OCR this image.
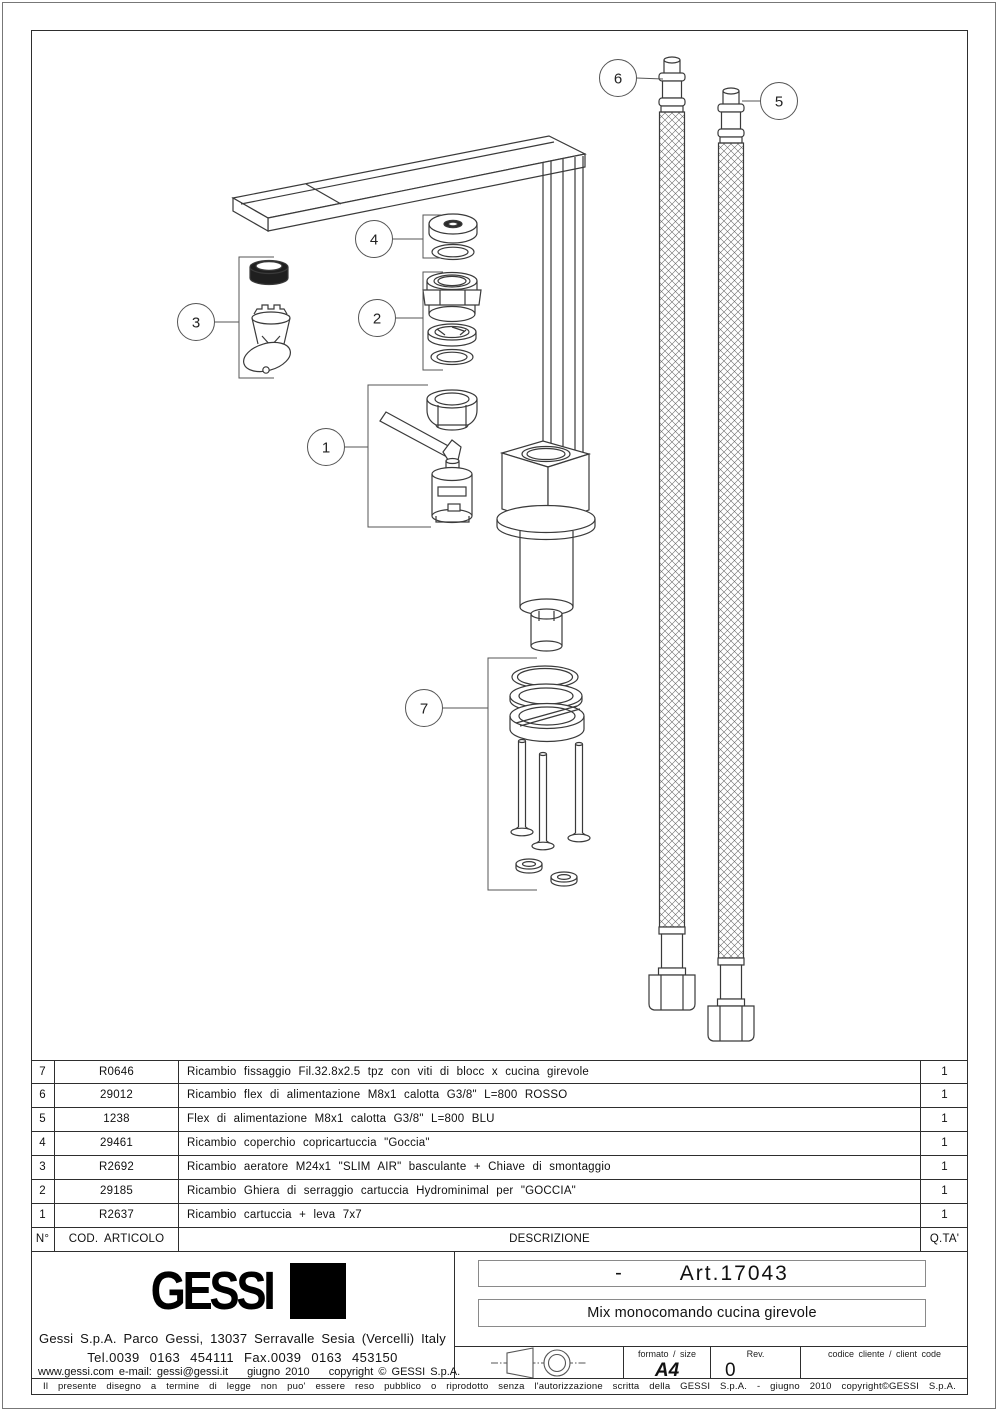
6
5
4
2
3
1
7
7	R0646	Ricambio fissaggio Fil.32.8x2.5 tpz con viti di blocc x cucina girevole	1
6	29012	Ricambio flex di alimentazione M8x1 calotta G3/8" L=800 ROSSO	1
5	1238	Flex di alimentazione M8x1 calotta G3/8" L=800 BLU	1
4	29461	Ricambio coperchio copricartuccia "Goccia"	1
3	R2692	Ricambio aeratore M24x1 "SLIM AIR" basculante + Chiave di smontaggio	1
2	29185	Ricambio Ghiera di serraggio cartuccia Hydrominimal per "GOCCIA"	1
1	R2637	Ricambio cartuccia + leva 7x7	1
N°	COD. ARTICOLO	DESCRIZIONE	Q.TA'
GESSI
Gessi S.p.A. Parco Gessi, 13037 Serravalle Sesia (Vercelli) Italy
Tel.0039 0163 454111 Fax.0039 0163 453150
www.gessi.com e-mail: gessi@gessi.it giugno 2010 copyright © GESSI S.p.A.
-	Art.17043
Mix monocomando cucina girevole
formato / size
A4
Rev.
0
codice cliente / client code
Il presente disegno a termine di legge non puo' essere reso pubblico o riprodotto senza l'autorizzazione scritta della GESSI S.p.A. - giugno 2010 copyright©GESSI S.p.A.
